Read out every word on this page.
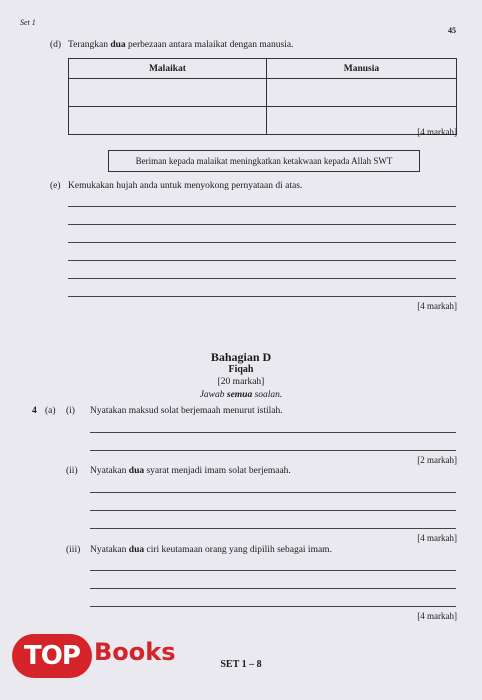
Set 1
45
(d) Terangkan dua perbezaan antara malaikat dengan manusia.
Malaikat	Manusia

[4 markah]
Beriman kepada malaikat meningkatkan ketakwaan kepada Allah SWT
(e) Kemukakan hujah anda untuk menyokong pernyataan di atas.
[4 markah]
Bahagian D
Fiqah
[20 markah]
Jawab semua soalan.
4 (a) (i) Nyatakan maksud solat berjemaah menurut istilah.
[2 markah]
(ii) Nyatakan dua syarat menjadi imam solat berjemaah.
[4 markah]
(iii) Nyatakan dua ciri keutamaan orang yang dipilih sebagai imam.
[4 markah]
SET 1 – 8
TOP Books
